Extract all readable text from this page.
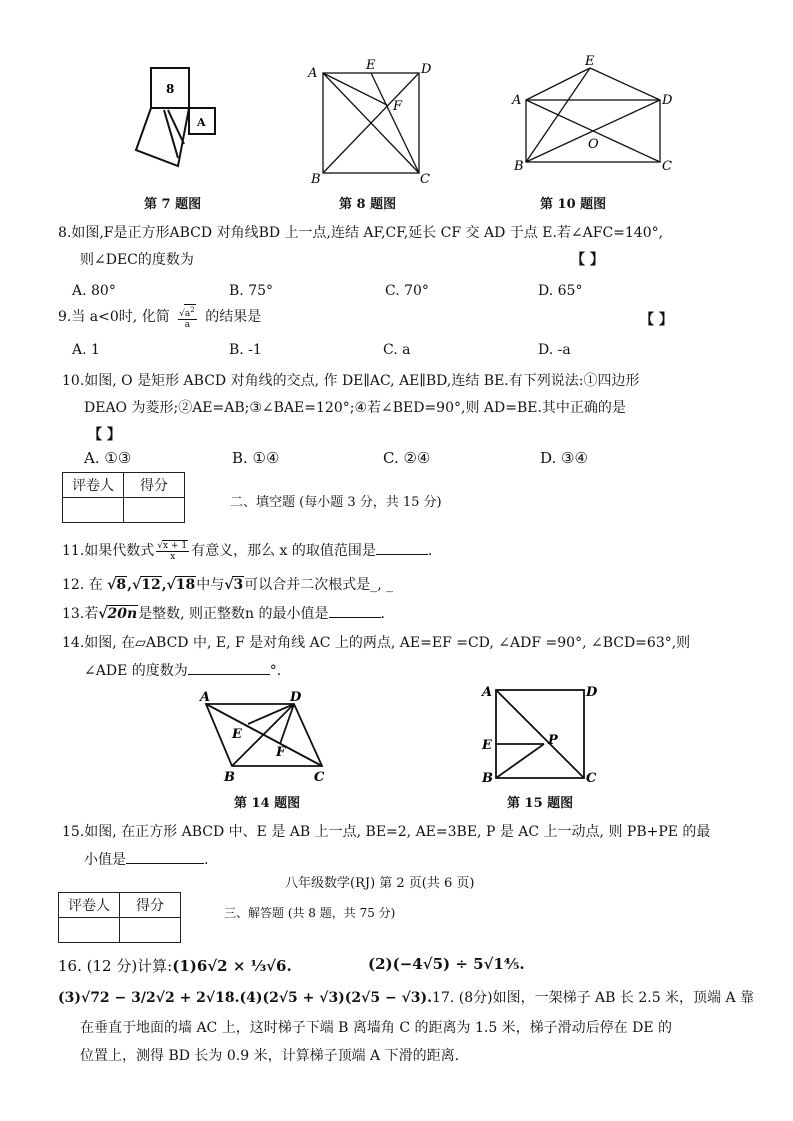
8
A
第 7 题图
A
E	D
F
B	C
第 8 题图
E
A	D
O
B	C
第 10 题图
8.如图,F是正方形ABCD 对角线BD 上一点,连结 AF,CF,延长 CF 交 AD 于点 E.若∠AFC=140°,
则∠DEC的度数为	【 】
A. 80°	B. 75°	C. 70°	D. 65°
9.当 a<0时, 化简 $\frac{√a^2}{a}$ 的结果是	【 】
A. 1	B. -1	C. a	D. -a
10.如图, O 是矩形 ABCD 对角线的交点, 作 DE∥AC, AE∥BD,连结 BE.有下列说法:①四边形
DEAO 为菱形;②AE=AB;③∠BAE=120°;④若∠BED=90°,则 AD=BE.其中正确的是
【 】
A. ①③	B. ①④	C. ②④	D. ③④
评卷人	得分

二、填空题 (每小题 3 分，共 15 分)
11.如果代数式 $\frac{√x + 1}{x}$ 有意义，那么 x 的取值范围是	.
12. 在 √8,√12,√18中与√3可以合并二次根式是_, _
13.若√20n是整数, 则正整数n 的最小值是	.
14.如图, 在▱ABCD 中, E, F 是对角线 AC 上的两点, AE=EF =CD, ∠ADF =90°, ∠BCD=63°,则
∠ADE 的度数为	°.
A	D
E
F
B	C
第 14 题图
A	D
E	P
B	C
第 15 题图
15.如图, 在正方形 ABCD 中、E 是 AB 上一点, BE=2, AE=3BE, P 是 AC 上一动点, 则 PB+PE 的最
小值是	.
八年级数学(RJ) 第 2 页(共 6 页)
评卷人	得分
		三、解答题 (共 8 题，共 75 分)
16. (12 分)计算:(1)6√2 × ⅓√6.	(2)(−4√5) ÷ 5√1⅘.
(3)√72 − 3/2√2 + 2√18.(4)(2√5 + √3)(2√5 − √3).17. (8分)如图，一架梯子 AB 长 2.5 米，顶端 A 靠
在垂直于地面的墙 AC 上，这时梯子下端 B 离墙角 C 的距离为 1.5 米，梯子滑动后停在 DE 的
位置上，测得 BD 长为 0.9 米，计算梯子顶端 A 下滑的距离.
